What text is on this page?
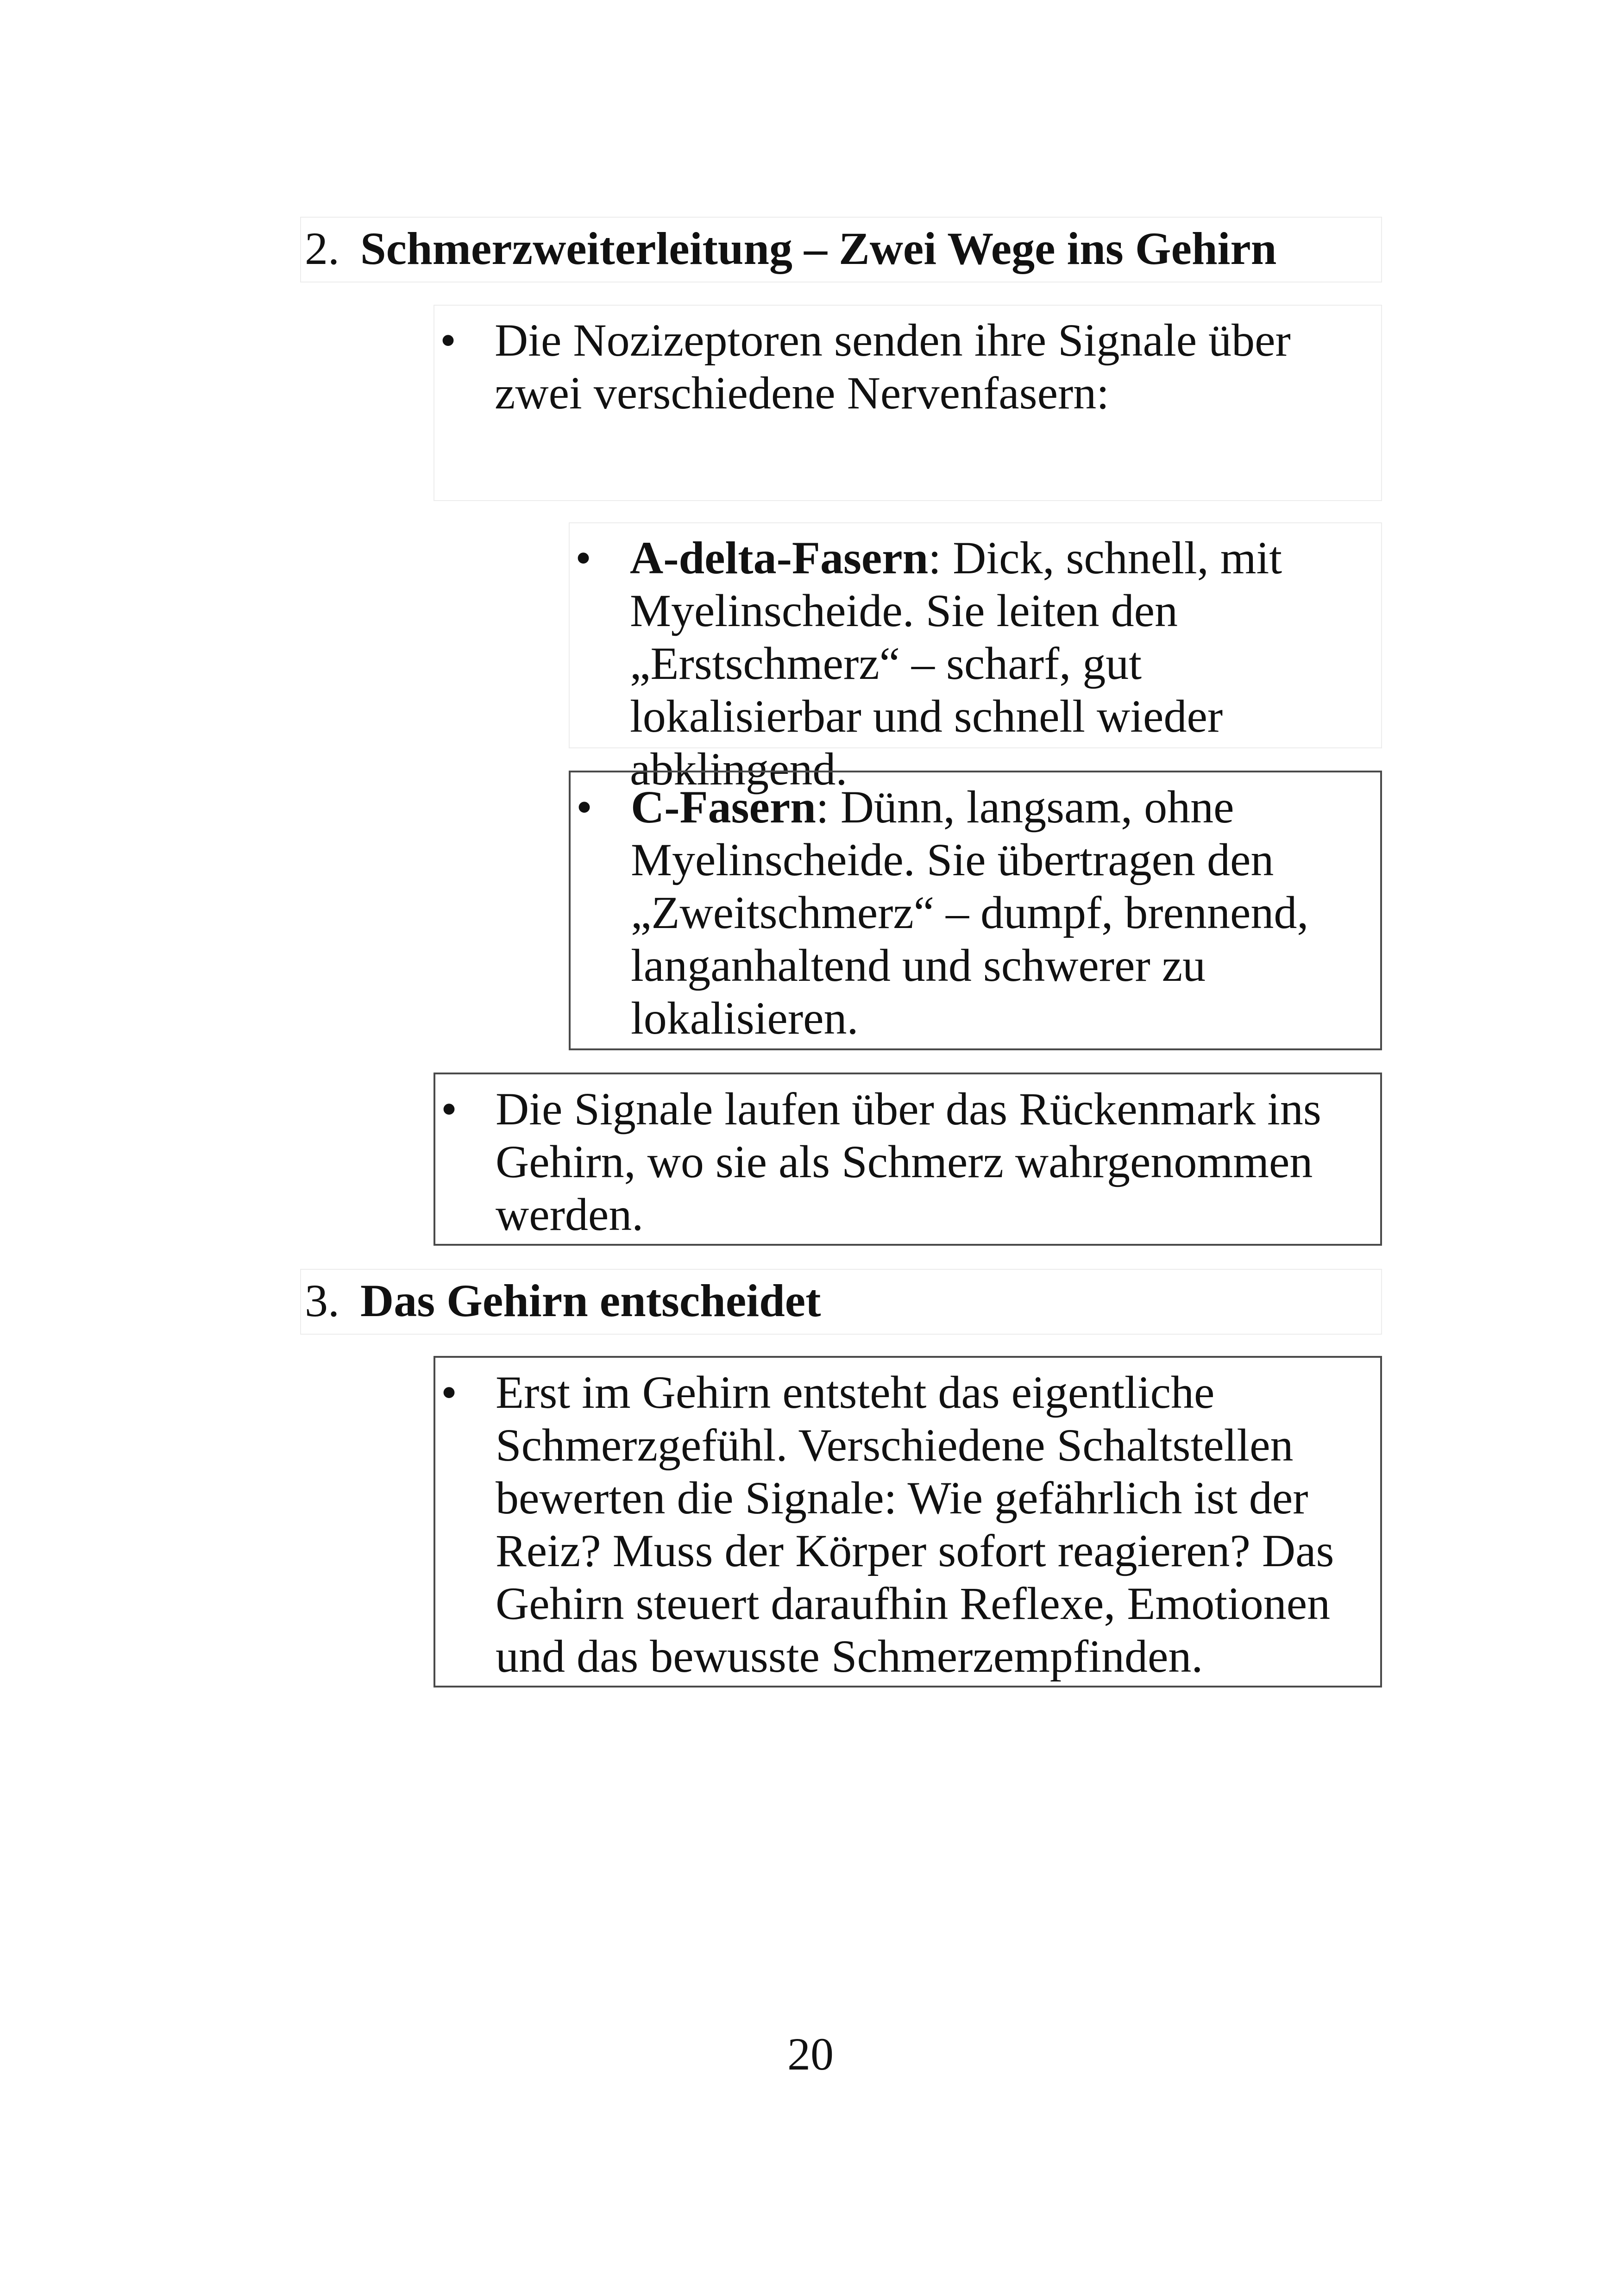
2. Schmerzweiterleitung – Zwei Wege ins Gehirn
• Die Nozizeptoren senden ihre Signale über zwei verschiedene Nervenfasern:
• A-delta-Fasern: Dick, schnell, mit Myelinscheide. Sie leiten den „Erstschmerz“ – scharf, gut lokalisierbar und schnell wieder abklingend.
• C-Fasern: Dünn, langsam, ohne Myelinscheide. Sie übertragen den „Zweitschmerz“ – dumpf, brennend, langanhaltend und schwerer zu lokalisieren.
• Die Signale laufen über das Rückenmark ins Gehirn, wo sie als Schmerz wahrgenommen werden.
3. Das Gehirn entscheidet
• Erst im Gehirn entsteht das eigentliche Schmerzgefühl. Verschiedene Schaltstellen bewerten die Signale: Wie gefährlich ist der Reiz? Muss der Körper sofort reagieren? Das Gehirn steuert daraufhin Reflexe, Emotionen und das bewusste Schmerzempfinden.
20
